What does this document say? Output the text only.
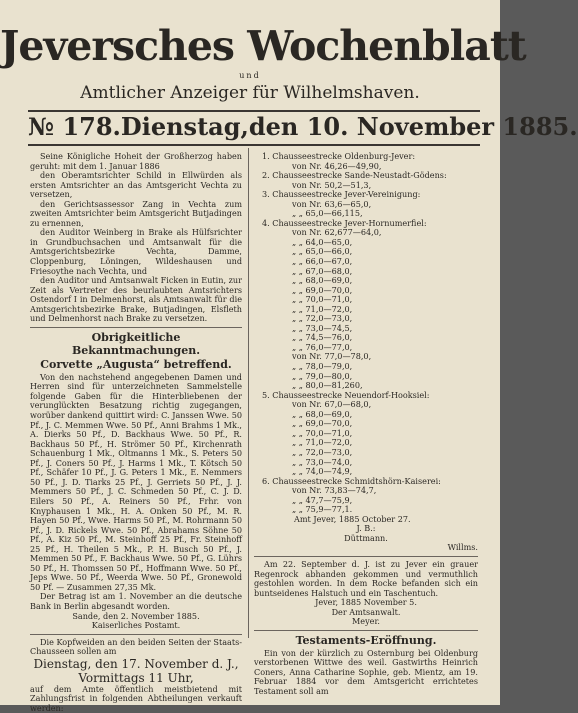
Jeversches Wochenblatt
und
Amtlicher Anzeiger für Wilhelmshaven.
№ 178. Dienstag, den 10. November 1885.

Seine Königliche Hoheit der Großherzog haben geruht: mit dem 1. Januar 1886

den Oberamtsrichter Schild in Ellwürden als ersten Amtsrichter an das Amtsgericht Vechta zu versetzen,

den Gerichtsassessor Zang in Vechta zum zweiten Amtsrichter beim Amtsgericht Butjadingen zu ernennen,

den Auditor Weinberg in Brake als Hülfsrichter in Grundbuchsachen und Amtsanwalt für die Amtsgerichtsbezirke Vechta, Damme, Cloppenburg, Löningen, Wildeshausen und Friesoythe nach Vechta, und

den Auditor und Amtsanwalt Ficken in Eutin, zur Zeit als Vertreter des beurlaubten Amtsrichters Ostendorf I in Delmenhorst, als Amtsanwalt für die Amtsgerichtsbezirke Brake, Butjadingen, Elsfleth und Delmenhorst nach Brake zu versetzen.

Obrigkeitliche Bekanntmachungen.
Corvette „Augusta“ betreffend.

Von den nachstehend angegebenen Damen und Herren sind für unterzeichneten Sammelstelle folgende Gaben für die Hinterbliebenen der verunglückten Besatzung richtig zugegangen, worüber dankend quittirt wird: C. Janssen Wwe. 50 Pf., J. C. Memmen Wwe. 50 Pf., Anni Brahms 1 Mk., A. Dierks 50 Pf., D. Backhaus Wwe. 50 Pf., R. Backhaus 50 Pf., H. Strömer 50 Pf., Kirchenrath Schauenburg 1 Mk., Oltmanns 1 Mk., S. Peters 50 Pf., J. Coners 50 Pf., J. Harms 1 Mk., T. Kötsch 50 Pf., Schäfer 10 Pf., J. G. Peters 1 Mk., E. Nemmers 50 Pf., J. D. Tiarks 25 Pf., J. Gerriets 50 Pf., J. J. Memmers 50 Pf., J. C. Schmeden 50 Pf., C. J. D. Eilers 50 Pf., A. Reiners 50 Pf., Frhr. von Knyphausen 1 Mk., H. A. Onken 50 Pf., M. R. Hayen 50 Pf., Wwe. Harms 50 Pf., M. Rohrmann 50 Pf., J. D. Rickels Wwe. 50 Pf., Abrahams Söhne 50 Pf., A. Kiz 50 Pf., M. Steinhoff 25 Pf., Fr. Steinhoff 25 Pf., H. Theilen 5 Mk., P. H. Busch 50 Pf., J. Memmen 50 Pf., F. Backhaus Wwe. 50 Pf., G. Lührs 50 Pf., H. Thomssen 50 Pf., Hoffmann Wwe. 50 Pf., Jeps Wwe. 50 Pf., Weerda Wwe. 50 Pf., Gronewold 50 Pf. — Zusammen 27,35 Mk.

Der Betrag ist am 1. November an die deutsche Bank in Berlin abgesandt worden.

Sande, den 2. November 1885.

Kaiserliches Postamt.

Die Kopfweiden an den beiden Seiten der Staats-Chausseen sollen am

Dienstag, den 17. November d. J.,
Vormittags 11 Uhr,

auf dem Amte öffentlich meistbietend mit Zahlungsfrist in folgenden Abtheilungen verkauft werden:

1. Chausseestrecke Oldenburg-Jever:

von Nr. 46,26—49,90,

2. Chausseestrecke Sande-Neustadt-Gödens:

von Nr. 50,2—51,3,

3. Chausseestrecke Jever-Vereinigung:

von Nr. 63,6—65,0,

„ „ 65,0—66,115,

4. Chausseestrecke Jever-Hornumerfiel:

von Nr. 62,677—64,0,

„ „ 64,0—65,0,

„ „ 65,0—66,0,

„ „ 66,0—67,0,

„ „ 67,0—68,0,

„ „ 68,0—69,0,

„ „ 69,0—70,0,

„ „ 70,0—71,0,

„ „ 71,0—72,0,

„ „ 72,0—73,0,

„ „ 73,0—74,5,

„ „ 74,5—76,0,

„ „ 76,0—77,0,

von Nr. 77,0—78,0,

„ „ 78,0—79,0,

„ „ 79,0—80,0,

„ „ 80,0—81,260,

5. Chausseestrecke Neuendorf-Hooksiel:

von Nr. 67,0—68,0,

„ „ 68,0—69,0,

„ „ 69,0—70,0,

„ „ 70,0—71,0,

„ „ 71,0—72,0,

„ „ 72,0—73,0,

„ „ 73,0—74,0,

„ „ 74,0—74,9,

6. Chausseestrecke Schmidtshörn-Kaiserei:

von Nr. 73,83—74,7,

„ „ 47,7—75,9,

„ „ 75,9—77,1.

Amt Jever, 1885 October 27.

J. B.:

Düttmann.

Willms.

Am 22. September d. J. ist zu Jever ein grauer Regenrock abhanden gekommen und vermuthlich gestohlen worden. In dem Rocke befanden sich ein buntseidenes Halstuch und ein Taschentuch.

Jever, 1885 November 5.

Der Amtsanwalt.

Meyer.

Testaments-Eröffnung.

Ein von der kürzlich zu Osternburg bei Oldenburg verstorbenen Wittwe des weil. Gastwirths Heinrich Coners, Anna Catharine Sophie, geb. Mientz, am 19. Februar 1884 vor dem Amtsgericht errichtetes Testament soll am
